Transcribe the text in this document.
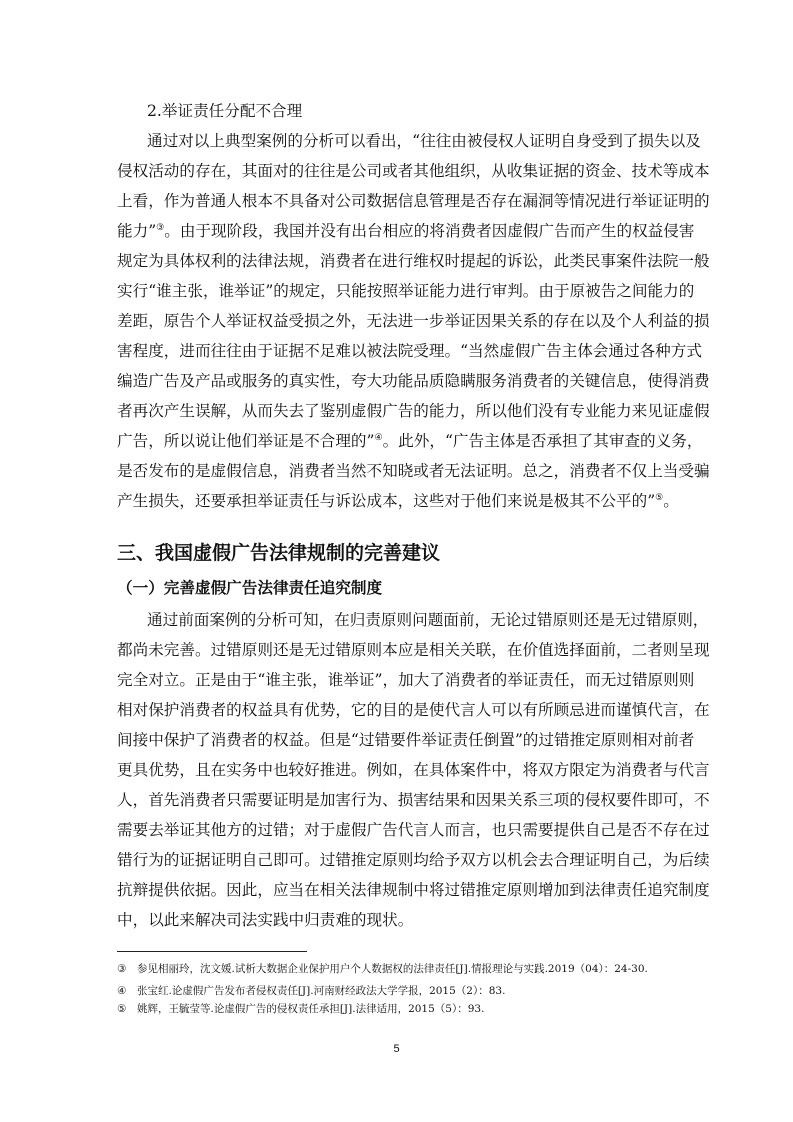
2.举证责任分配不合理
通过对以上典型案例的分析可以看出，“往往由被侵权人证明自身受到了损失以及
侵权活动的存在，其面对的往往是公司或者其他组织，从收集证据的资金、技术等成本
上看，作为普通人根本不具备对公司数据信息管理是否存在漏洞等情况进行举证证明的
能力”③。由于现阶段，我国并没有出台相应的将消费者因虚假广告而产生的权益侵害
规定为具体权利的法律法规，消费者在进行维权时提起的诉讼，此类民事案件法院一般
实行“谁主张，谁举证”的规定，只能按照举证能力进行审判。由于原被告之间能力的
差距，原告个人举证权益受损之外，无法进一步举证因果关系的存在以及个人利益的损
害程度，进而往往由于证据不足难以被法院受理。“当然虚假广告主体会通过各种方式
编造广告及产品或服务的真实性，夸大功能品质隐瞒服务消费者的关键信息，使得消费
者再次产生误解，从而失去了鉴别虚假广告的能力，所以他们没有专业能力来见证虚假
广告，所以说让他们举证是不合理的”④。此外，“广告主体是否承担了其审查的义务，
是否发布的是虚假信息，消费者当然不知晓或者无法证明。总之，消费者不仅上当受骗
产生损失，还要承担举证责任与诉讼成本，这些对于他们来说是极其不公平的”⑤。
三、我国虚假广告法律规制的完善建议
（一）完善虚假广告法律责任追究制度
通过前面案例的分析可知，在归责原则问题面前，无论过错原则还是无过错原则，
都尚未完善。过错原则还是无过错原则本应是相关关联，在价值选择面前，二者则呈现
完全对立。正是由于“谁主张，谁举证”，加大了消费者的举证责任，而无过错原则则
相对保护消费者的权益具有优势，它的目的是使代言人可以有所顾忌进而谨慎代言，在
间接中保护了消费者的权益。但是“过错要件举证责任倒置”的过错推定原则相对前者
更具优势，且在实务中也较好推进。例如，在具体案件中，将双方限定为消费者与代言
人，首先消费者只需要证明是加害行为、损害结果和因果关系三项的侵权要件即可，不
需要去举证其他方的过错；对于虚假广告代言人而言，也只需要提供自己是否不存在过
错行为的证据证明自己即可。过错推定原则均给予双方以机会去合理证明自己，为后续
抗辩提供依据。因此，应当在相关法律规制中将过错推定原则增加到法律责任追究制度
中，以此来解决司法实践中归责难的现状。
③ 参见相丽玲，沈文媛.试析大数据企业保护用户个人数据权的法律责任[J].情报理论与实践.2019（04）：24-30.
④ 张宝红.论虚假广告发布者侵权责任[J].河南财经政法大学学报，2015（2）：83.
⑤ 姚辉，王毓莹等.论虚假广告的侵权责任承担[J].法律适用，2015（5）：93.
5
